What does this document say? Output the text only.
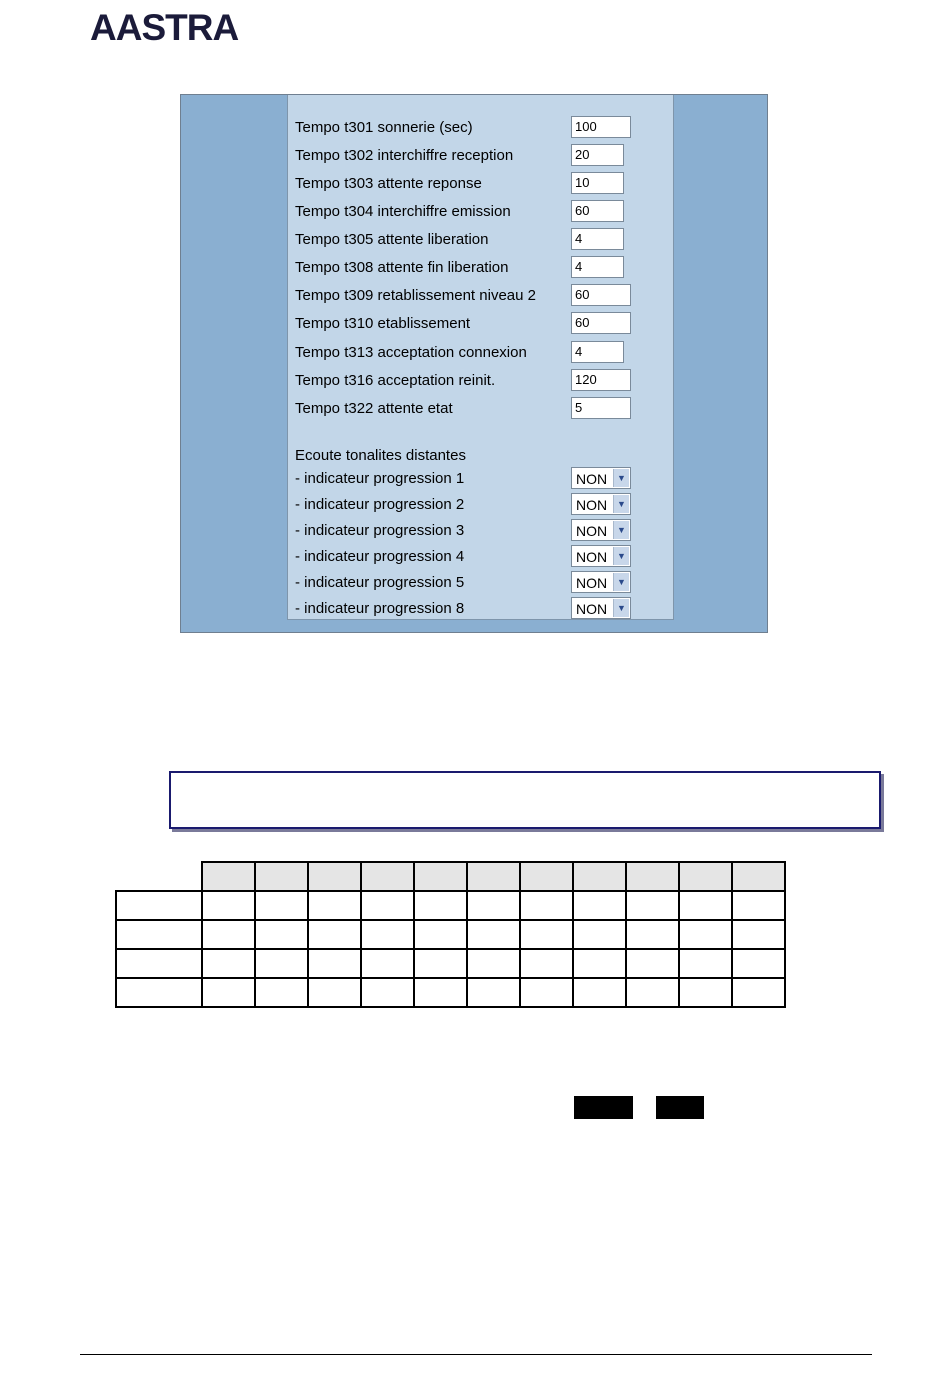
AASTRA
Tempo t301 sonnerie (sec)	100
Tempo t302 interchiffre reception	20
Tempo t303 attente reponse	10
Tempo t304 interchiffre emission	60
Tempo t305 attente liberation	4
Tempo t308 attente fin liberation	4
Tempo t309 retablissement niveau 2	60
Tempo t310 etablissement	60
Tempo t313 acceptation connexion	4
Tempo t316 acceptation reinit.	120
Tempo t322 attente etat	5
Ecoute tonalites distantes
- indicateur progression 1	NON	▼
- indicateur progression 2	NON	▼
- indicateur progression 3	NON	▼
- indicateur progression 4	NON	▼
- indicateur progression 5	NON	▼
- indicateur progression 8	NON	▼
